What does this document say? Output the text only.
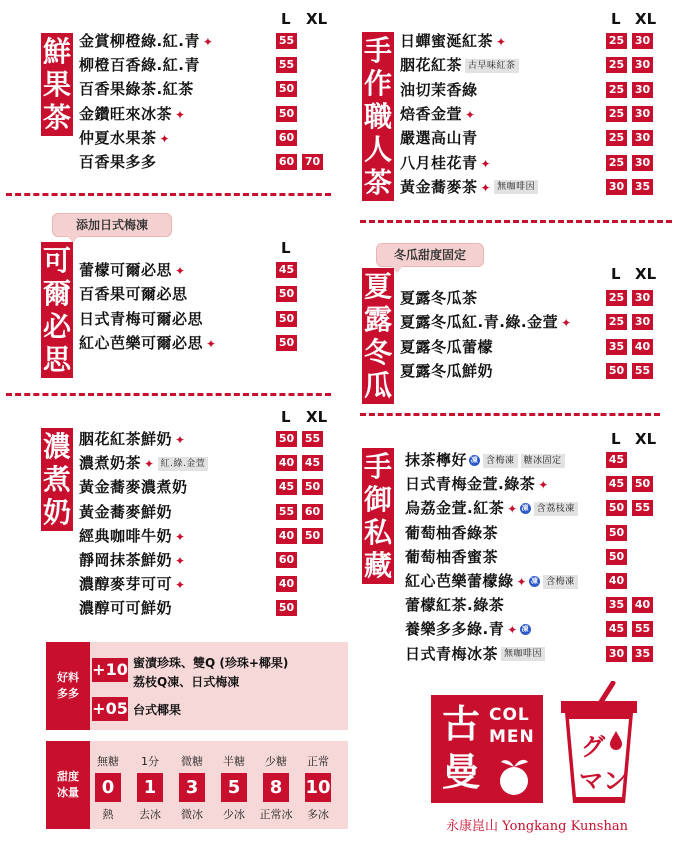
鮮
果
茶
L XL
金賞柳橙綠.紅.青 ✦	55
柳橙百香綠.紅.青	55
百香果綠茶.紅茶	50
金鑽旺來冰茶 ✦	50
仲夏水果茶 ✦	60
百香果多多	60 70
手
作
職
人
茶
L XL
日蟬蜜涎紅茶 ✦	25 30
胭花紅茶 古早味紅茶	25 30
油切茉香綠	25 30
焙香金萱 ✦	25 30
嚴選高山青	25 30
八月桂花青 ✦	25 30
黃金蕎麥茶 ✦ 無咖啡因	30 35
添加日式梅凍
可
爾
必
思
L
蕾檬可爾必思 ✦	45
百香果可爾必思	50
日式青梅可爾必思	50
紅心芭樂可爾必思 ✦	50
冬瓜甜度固定
夏
露
冬
瓜
L XL
夏露冬瓜茶	25 30
夏露冬瓜紅.青.綠.金萱 ✦	25 30
夏露冬瓜蕾檬	35 40
夏露冬瓜鮮奶	50 55
濃
煮
奶
L XL
胭花紅茶鮮奶 ✦	50 55
濃煮奶茶 ✦ 紅.綠.金萱	40 45
黃金蕎麥濃煮奶	45 50
黃金蕎麥鮮奶	55 60
經典咖啡牛奶 ✦	40 50
靜岡抹茶鮮奶 ✦	60
濃醇麥芽可可 ✦	40
濃醇可可鮮奶	50
手
御
私
藏
L XL
抹茶檸好 凍 含梅凍 糖冰固定	45
日式青梅金萱.綠茶 ✦	45 50
烏荔金萱.紅茶 ✦ 凍 含荔枝凍	50 55
葡萄柚香綠茶	50
葡萄柚香蜜茶	50
紅心芭樂蕾檬綠 ✦ 凍 含梅凍	40
蕾檬紅茶.綠茶	35 40
養樂多多綠.青 ✦ 凍	45 55
日式青梅冰茶 無咖啡因	30 35
好料
多多
+10 蜜漬珍珠、雙Q (珍珠+椰果)
荔枝Q凍、日式梅凍
+05 台式椰果
甜度
冰量
無糖
0
熱
1分
1
去冰
微糖
3
微冰
半糖
5
少冰
少糖
8
正常冰
正常
10
多冰
古
曼
COL
MEN グ
マン
永康崑山 Yongkang Kunshan
